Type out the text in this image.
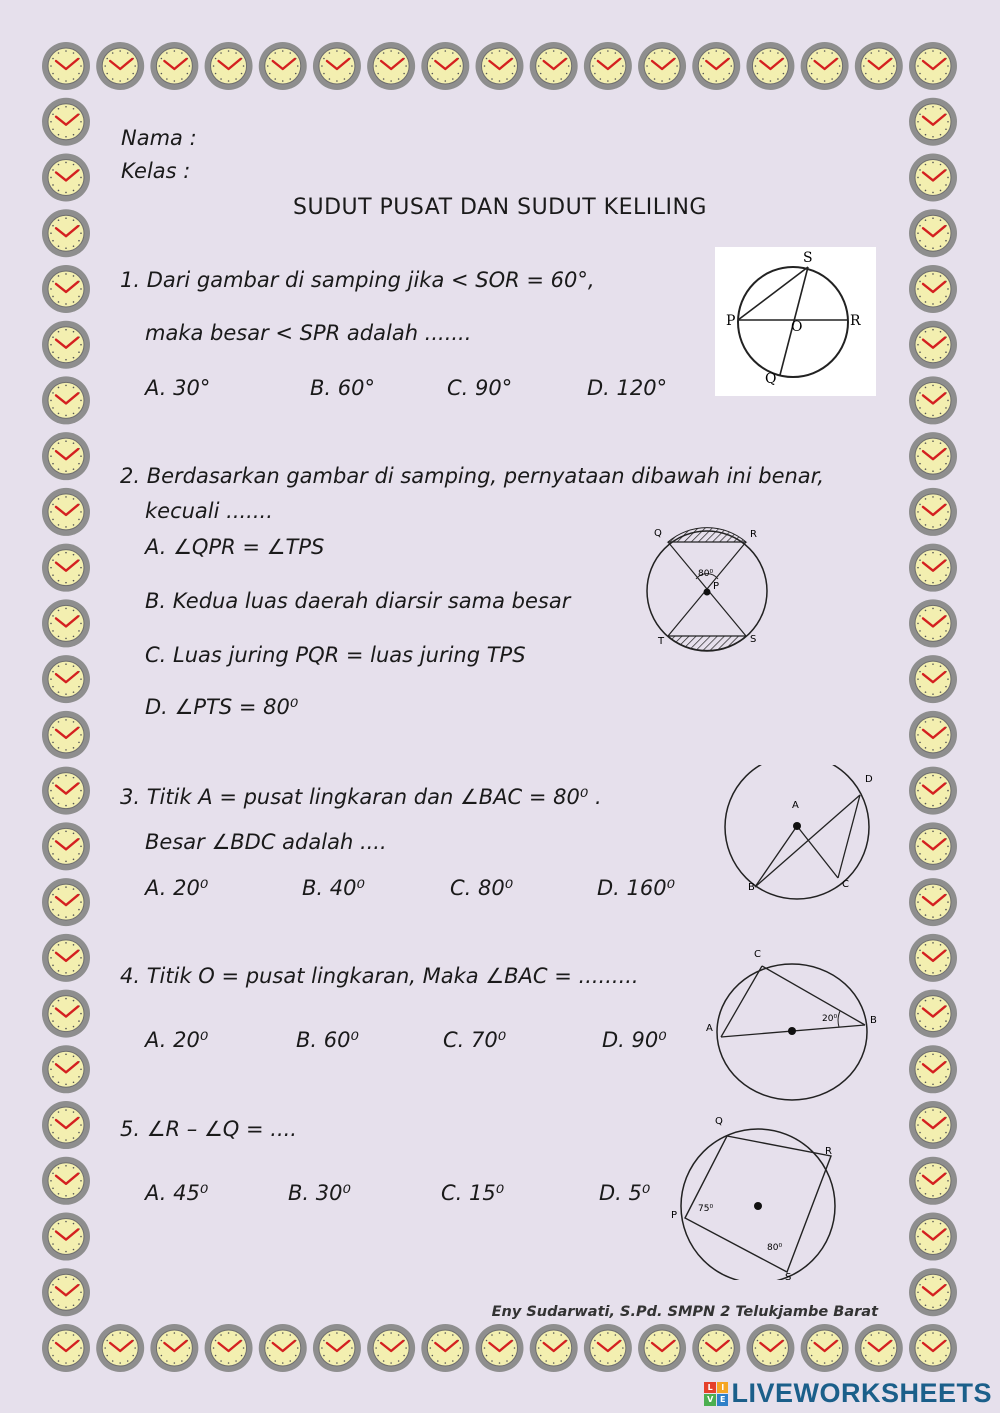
Nama :
Kelas :
SUDUT PUSAT DAN SUDUT KELILING
1. Dari gambar di samping jika < SOR = 60°,
maka besar < SPR adalah .......
A. 30°	B. 60°	C. 90°	D. 120°
S
P	O	R
Q
2. Berdasarkan gambar di samping, pernyataan dibawah ini benar,
kecuali .......
A. ∠QPR = ∠TPS
B. Kedua luas daerah diarsir sama besar
C. Luas juring PQR = luas juring TPS
D. ∠PTS = 80⁰
Q	R
80⁰
P
T	S
3. Titik A = pusat lingkaran dan ∠BAC = 80⁰ .
Besar ∠BDC adalah ....
A. 20⁰	B. 40⁰	C. 80⁰	D. 160⁰
D
A
B	C
4. Titik O = pusat lingkaran, Maka ∠BAC = .........
A. 20⁰	B. 60⁰	C. 70⁰	D. 90⁰
C
20⁰
A
B
5. ∠R – ∠Q = ....
A. 45⁰	B. 30⁰	C. 15⁰	D. 5⁰
Q
R
P
75⁰
80⁰
S
Eny Sudarwati, S.Pd. SMPN 2 Telukjambe Barat
L	I
V E LIVEWORKSHEETS
